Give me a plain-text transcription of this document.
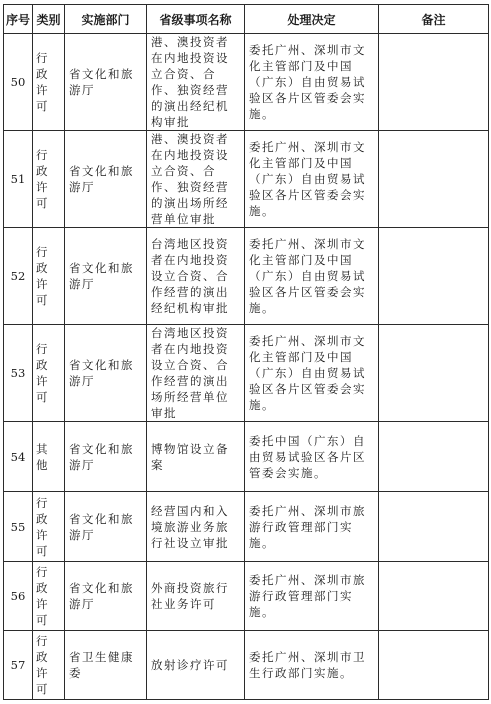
序号	类别	实施部门	省级事项名称	处理决定	备注
50	行政许可	省文化和旅游厅	港、澳投资者在内地投资设立合资、合作、独资经营的演出经纪机构审批	委托广州、深圳市文化主管部门及中国（广东）自由贸易试验区各片区管委会实施。	
51	行政许可	省文化和旅游厅	港、澳投资者在内地投资设立合资、合作、独资经营的演出场所经营单位审批	委托广州、深圳市文化主管部门及中国（广东）自由贸易试验区各片区管委会实施。	
52	行政许可	省文化和旅游厅	台湾地区投资者在内地投资设立合资、合作经营的演出经纪机构审批	委托广州、深圳市文化主管部门及中国（广东）自由贸易试验区各片区管委会实施。	
53	行政许可	省文化和旅游厅	台湾地区投资者在内地投资设立合资、合作经营的演出场所经营单位审批	委托广州、深圳市文化主管部门及中国（广东）自由贸易试验区各片区管委会实施。	
54	其他	省文化和旅游厅	博物馆设立备案	委托中国（广东）自由贸易试验区各片区管委会实施。	
55	行政许可	省文化和旅游厅	经营国内和入境旅游业务旅行社设立审批	委托广州、深圳市旅游行政管理部门实施。	
56	行政许可	省文化和旅游厅	外商投资旅行社业务许可	委托广州、深圳市旅游行政管理部门实施。	
57	行政许可	省卫生健康委	放射诊疗许可	委托广州、深圳市卫生行政部门实施。	
